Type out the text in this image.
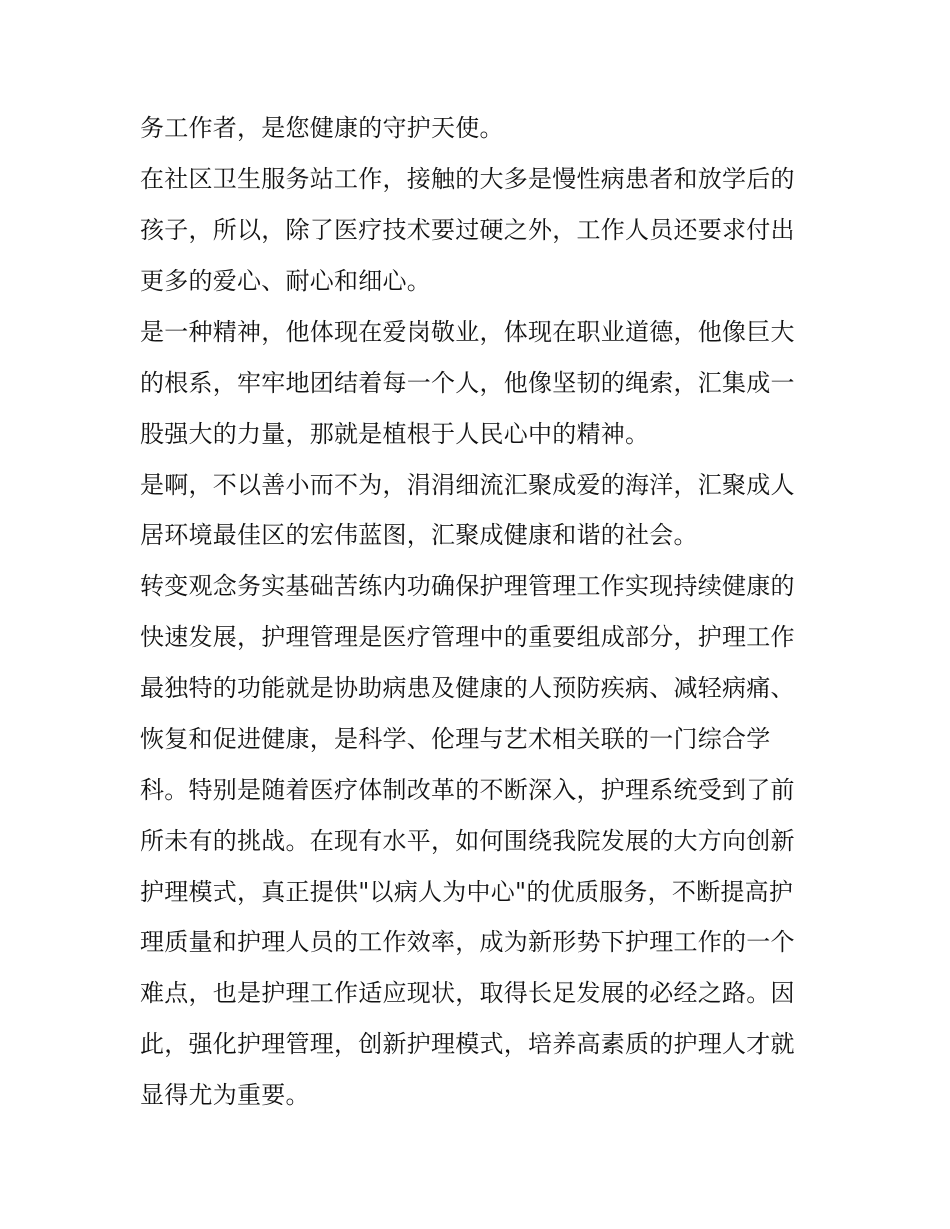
务工作者，是您健康的守护天使。
在社区卫生服务站工作，接触的大多是慢性病患者和放学后的
孩子，所以，除了医疗技术要过硬之外，工作人员还要求付出
更多的爱心、耐心和细心。
是一种精神，他体现在爱岗敬业，体现在职业道德，他像巨大
的根系，牢牢地团结着每一个人，他像坚韧的绳索，汇集成一
股强大的力量，那就是植根于人民心中的精神。
是啊，不以善小而不为，涓涓细流汇聚成爱的海洋，汇聚成人
居环境最佳区的宏伟蓝图，汇聚成健康和谐的社会。
转变观念务实基础苦练内功确保护理管理工作实现持续健康的
快速发展，护理管理是医疗管理中的重要组成部分，护理工作
最独特的功能就是协助病患及健康的人预防疾病、减轻病痛、
恢复和促进健康，是科学、伦理与艺术相关联的一门综合学
科。特别是随着医疗体制改革的不断深入，护理系统受到了前
所未有的挑战。在现有水平，如何围绕我院发展的大方向创新
护理模式，真正提供"以病人为中心"的优质服务，不断提高护
理质量和护理人员的工作效率，成为新形势下护理工作的一个
难点，也是护理工作适应现状，取得长足发展的必经之路。因
此，强化护理管理，创新护理模式，培养高素质的护理人才就
显得尤为重要。
